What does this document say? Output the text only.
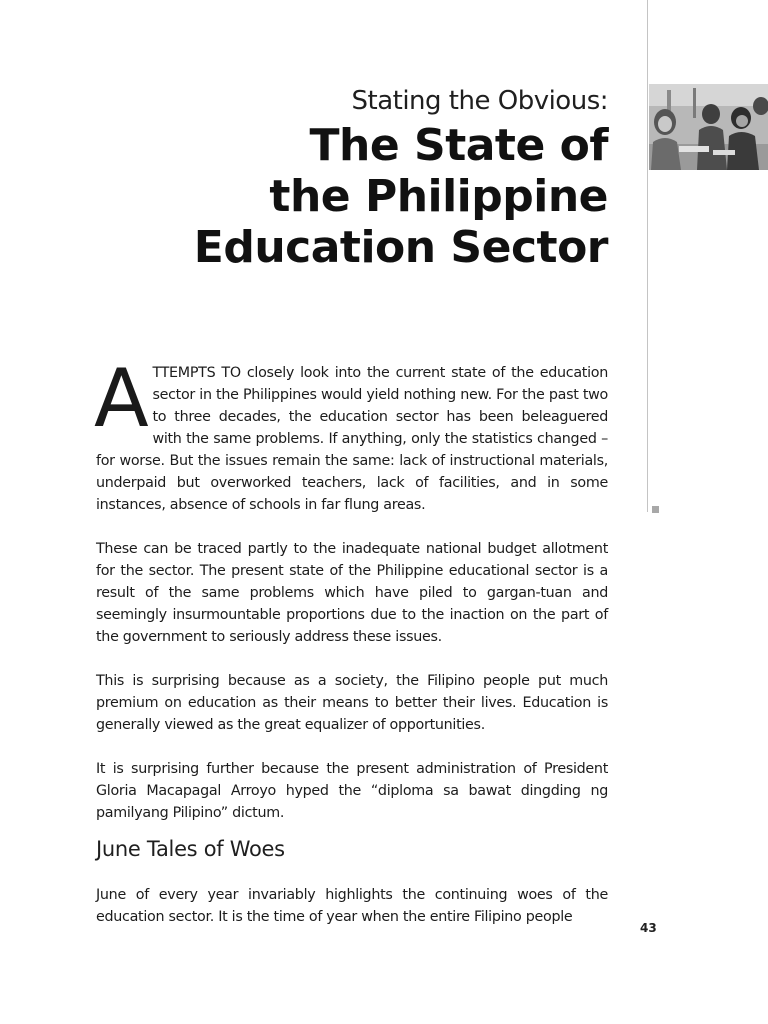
Stating the Obvious:
The State of
the Philippine
Education Sector

ATTEMPTS TO closely look into the current state of the education sector in the Philippines would yield nothing new. For the past two to three decades, the education sector has been beleaguered with the same problems. If anything, only the statistics changed – for worse. But the issues remain the same: lack of instructional materials, underpaid but overworked teachers, lack of facilities, and in some instances, absence of schools in far flung areas.

These can be traced partly to the inadequate national budget allotment for the sector. The present state of the Philippine educational sector is a result of the same problems which have piled to gargan-tuan and seemingly insurmountable proportions due to the inaction on the part of the government to seriously address these issues.

This is surprising because as a society, the Filipino people put much premium on education as their means to better their lives. Education is generally viewed as the great equalizer of opportunities.

It is surprising further because the present administration of President Gloria Macapagal Arroyo hyped the “diploma sa bawat dingding ng pamilyang Pilipino” dictum.

June Tales of Woes

June of every year invariably highlights the continuing woes of the education sector. It is the time of year when the entire Filipino people

43
